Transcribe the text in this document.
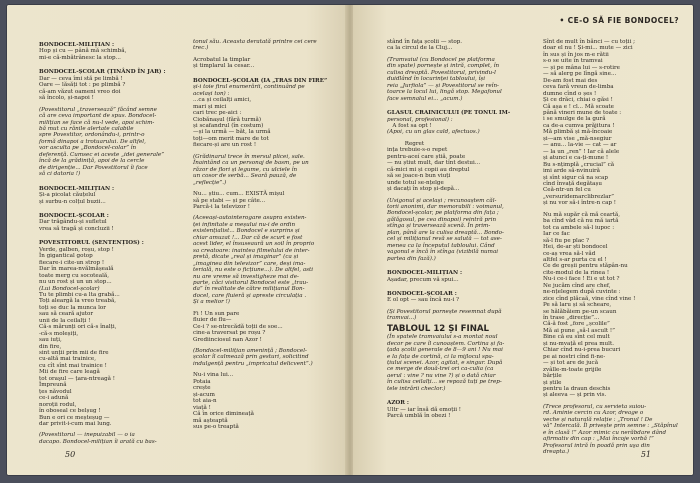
BONDOCEL-MILIȚIAN :

Hop și cu — până mă schimbă,

mi-e că-mbătrânesc la stop...

BONDOCEL-ȘCOLAR (ȚINÂND ÎN JAR) :

Dar — ceva îmi stă pe limbă !

Oare — lăsăți tot : pe plimbă ?

că-am văzut oameni vreo doi

să încolo, și-napoi !

(Povestitorul „traversează” făcând semne

că are ceva important de spus. Bondocel-

milițian se face că nu-l vede, apoi schim-

bă mut cu rănile alertate calabile

spre Povestitor, ordonându-i, printr-o

formă dinapoi a trotuarului. De altfel,

vor asculta pe „Bondocel-colar” în

deferență. Cumsec ei aceste „idei generale”

încă de la grădiniță, apoi de la cercle

de dirigenție... Dar Povestitorul îi face

să ci datoria !)

BONDOCEL-MILIȚIAN :

Și-a picolat căuțelul

și surbu-n colțul buzii...

BONDOCEL-ȘCOLAR :

Dar trăgându-și sufletul

vrea să tragă și concluzii !

POVESTITORUL (SENTENȚIOS) :

Verde, galben, roșu, stop !

În gigantical gotop

fiecare-i cite-un strop !

Dar în marea-nvălmășeală

toate merg cu socoteală,

nu un rost și un un stop...

(Lui Bondocel-școlar)

Tu te plimbi cu-a lta grabă...

Toți aleargă la vreo treabă,

toți se duc la munca lor

sau să ceară ajutor

unii de la ceilalți !

Că-s mărunți ori că-s înalți,

-că-s moleșiți,

sau iuți,

din fire,

sint unții prin mii de fire

cu-altă mai trainice,

cu cît sînt mai trainice !

Mii de fire care leagă

tot oraşul — țara-ntreagă !

Împreună

țes năvodul

ce-i adună

noroții rodul,

în oboseal ce belșug !

Bun e ori ce meșteșug —

dar privit-i-cum mai lung.

(Povestitorul — inepuizabil — o ia

dacapo. Bondocel-milițian îi arată cu bas-

tonul său. Aceasta deratată printre cei cere

trec.)

Acrobatul la timplar

și timplarul la cesar...

BONDOCEL-ȘCOLAR (IA „TRAS DIN FIRE”

și-i toie firul enumerării, continuând pe

același ton) :

...ca și ceilalți amici,

mari și mici

cari trec pe-aici :

Ciobănașul (fără turmă)

și scafandrul (în costum)

—și la urmă — băt, la urmă

toți—om merit mare de tot

fiecare-și are un rost !

(Grădinarul trece în mersul plicei, sale.

Înaintând ca un personaj de basm, pe un

răzor de flori și legume, cu ulciele în

un cosor de serbă... Seară pauză, de

„reflecție”.)

Nu... știu... cum... EXISTĂ mișul

să pe stabi — și pe câte...

Parcă-i la televizor !

(Aceeași-autointerogare asupra existen-

ței infinitate a meșului nu-i de ordin

existențialist... Bondocel e surprins și

chiar amuzat !... Dar că de scurt e fost

acest lider, el însuseaură un soil în proprio

sa creatoare: inaintea filmelului de inter-

pretă, dicate „real și imaginar” (ca și

„imaginea din televizor” care, deși ima-

terială, nu este o ficțiune...). De altfel, asti

nu are vreme să investigheze mai de-

parte, căci visitorul Bondocel este „trau-

da” în realitate de către milițianul Bon-

docel, care fluieră și apreste circulația .

Și a melior !)

Fi ! Un sun pare

fluier de flu—

Ce-i ? se-ntrecădă toții de soe...

cine-a traversat pe roșu ?

Grediinciosul nan Azor !

(Bondocel-milițian amenință ; Bondocel-

școlar îl calmează prin gesturi, solicitind

indulgență pentru „impricatul delicvent”.)

Nu-i vina lui...

Potaia

crește

și-acum

tot aia-n

viață !

Că în orice dimineață

mă așteaptă

sus pe-o treaptă

50
• CE-O SĂ FIE BONDOCEL?

stând în fața școlii — stop.

ca la circul de la Cluj...

(Tramvaiul (cu Bondocel pe platforma

din spate) pornește și intră, complet, în

culisa dreaptă. Povestitorul, privindu-l

duidlând în locurinței tabloului, își

reia „Jurfiola” — și Povestitorul se reîn-

toarce la locul lui, lingă stop. Megafonul

face semnalul ei... „acum.)

GLASUL CRAINICULUI (PE TONUL IM-

personal, profesional) :

A fost sa opt !

(Apoi, cu un glas cald, afectuos.)

Regret

ința trebuie-s-o repet

pentru-aceí care știă, poate

— nu știut mult, dar tînt destui...

că-mici mi și copii au dreptul

să se joace-n bun viuți

unde totul se-nțelge

și dacați în stop și-depă...

(Usigonul și același ; recunoaștem căl-

torii anonimi, dar memorabili : voimanul,

Bondocel-școlar, pe platforma din fața ;

gălăgosul, pe cea dinapoi) reintră prin

stînga și traversează scenă. În prim-

plan, până are la culisa dreaptă... Bondo-

cel și milițianul revă se salută — tot ase-

menea ca la începutul tabloului. Când

vagonul e încă în stînga (vizibilă numai

partea din fază).)

BONDOCEL-MILIȚIAN :

Așadar, precum vă spui...

BONDOCEL-ȘCOLAR :

E ol opt — sau încă nu-i ?

(Și Povestitorul pornește resemnat după

tramvai...)

TABLOUL 12 ȘI FINAL

(În spatele tramvaiului s-a montat noul

decor pe care îl cunoaștem. Cortina și fa-

țada școlii generale de 8—9 ani ! Nu mai

e la fața de cortină, ci la mijlocul spa-

țiului scenei. Azor, agitat, e singur. După

ce merge de două-trei ori ca-culia (ca

aerul : vine ? nu vine ?) și o dată chiar

în culisa ceilalți... se repoză tuți pe trep-

tele intrării checlor.)

AZOR :

Ultr — iar însă dă emoții !

Parcă umblă în obezi !

Sînt de mult în bănci — cu toții ;

doar el nu ! Și-mi... mute — zici

în sus și în jos m-e rătii

s-o se uite în tramvai

— și pe mâna lui — s-rotire

— să alerg pe lîngă sine...

De-am fost mai des

ceva fară vreun de-limba

dumne cînd o șes !

Și ce drăci, chiai o găsi !

Că așa e ! cl... Mă scoate

până vineri mune de toate :

i se smulge de la gură

ca de-a cumva prăjitura !

Mă plimbă și mă-încoaie

și—am vise „mă-nsegiur

— anu... la-vie — cat — ar

— la un „ren” ! Iar că alele

și atunci e ca-ți-mune !

Bu s-nțimplă „crucial” că

imi arde să-nvinuiră

și sînt sigur că na scap

cînd învață degătașu

Ceă-ntr-un fel cu

„versuridemarclibrezlar”

și nu vor să-i între-n cap !

Nu mă supăr că mă ceartă,

ba cînd văd că nu mă iartă

tot ca ambele să-l iupoc :

Iar ce fac

să-l fiu pe plac ?

Hei, de-ar ști bondocel

ce-aș vrea să-l văd

altfel s-ar purta cu el !

Ce de greșii pentru stăpân-nu

cite-modul de la rinea !

Nu-i ce-i face ! Ei e ut tot ?

Ne jucăm cînd are chef,

ne-nțelegem după cuvinte :

zice cînd plăcaă, vine cînd vine !

Pe să laru și să scheare,

se hălăbăiem pe-un scaun

în trase „direcție”...

Că-ă fost „fore „școlile”

Mă ai pune „să-l ascult !”

Bine că eu sînt cel mult

și nu-mvață el prea mult.

Chiar cînd nu-i-prea bucuri

pe ai nostri cînd fi-ne-

— și tot are de jucă

zvâlle-m-toate grijile

bărțile

și știle

pentru la draun deschis

și aleeva — și prin vis.

(Trece profesorul, cu servieta suiou-

rd. Aminie cercin cu Azor, dreage o

veche și naturală relație : „Tronul ! De

vă” Intercală. Îl privește prin semne : „Stăpînul

e în clasă !” Azor mimic cu nerăbdare dând

afirmativ din cap : „Mai încoje vorbă !”

Profesorul intră în poadă prin uşa din

dreapta.)	51
